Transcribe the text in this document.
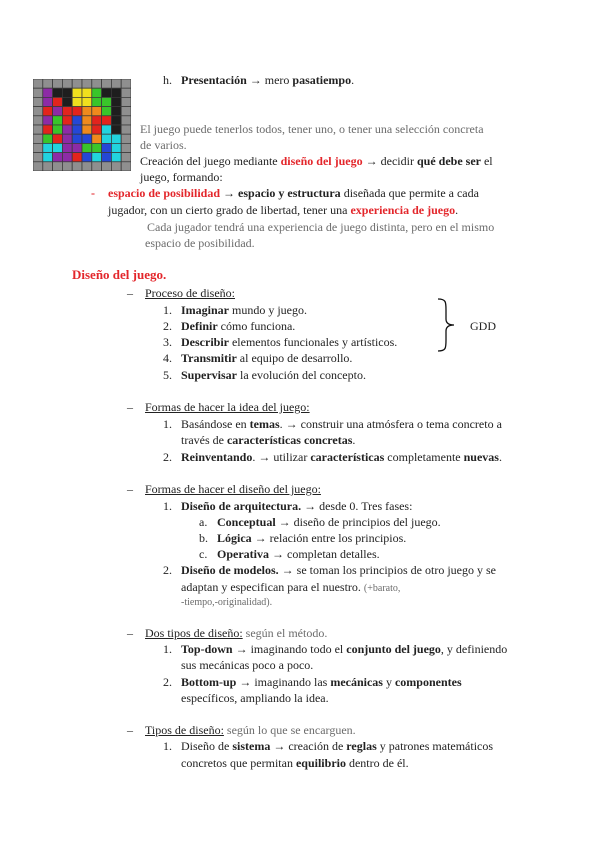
h. Presentación → mero pasatiempo.
El juego puede tenerlos todos, tener uno, o tener una selección concreta
de varios.
Creación del juego mediante diseño del juego → decidir qué debe ser el
juego, formando:
- espacio de posibilidad → espacio y estructura diseñada que permite a cada
jugador, con un cierto grado de libertad, tener una experiencia de juego.
Cada jugador tendrá una experiencia de juego distinta, pero en el mismo
espacio de posibilidad.
Diseño del juego.
– Proceso de diseño:
1. Imaginar mundo y juego.
2. Definir cómo funciona.
3. Describir elementos funcionales y artísticos.
4. Transmitir al equipo de desarrollo.
5. Supervisar la evolución del concepto.
GDD
– Formas de hacer la idea del juego:
1. Basándose en temas. → construir una atmósfera o tema concreto a
través de características concretas.
2. Reinventando. → utilizar características completamente nuevas.
– Formas de hacer el diseño del juego:
1. Diseño de arquitectura. → desde 0. Tres fases:
a. Conceptual → diseño de principios del juego.
b. Lógica → relación entre los principios.
c. Operativa → completan detalles.
2. Diseño de modelos. → se toman los principios de otro juego y se
adaptan y especifican para el nuestro. (+barato,
-tiempo,-originalidad).
– Dos tipos de diseño: según el método.
1. Top-down → imaginando todo el conjunto del juego, y definiendo
sus mecánicas poco a poco.
2. Bottom-up → imaginando las mecánicas y componentes
específicos, ampliando la idea.
– Tipos de diseño: según lo que se encarguen.
1. Diseño de sistema → creación de reglas y patrones matemáticos
concretos que permitan equilibrio dentro de él.
